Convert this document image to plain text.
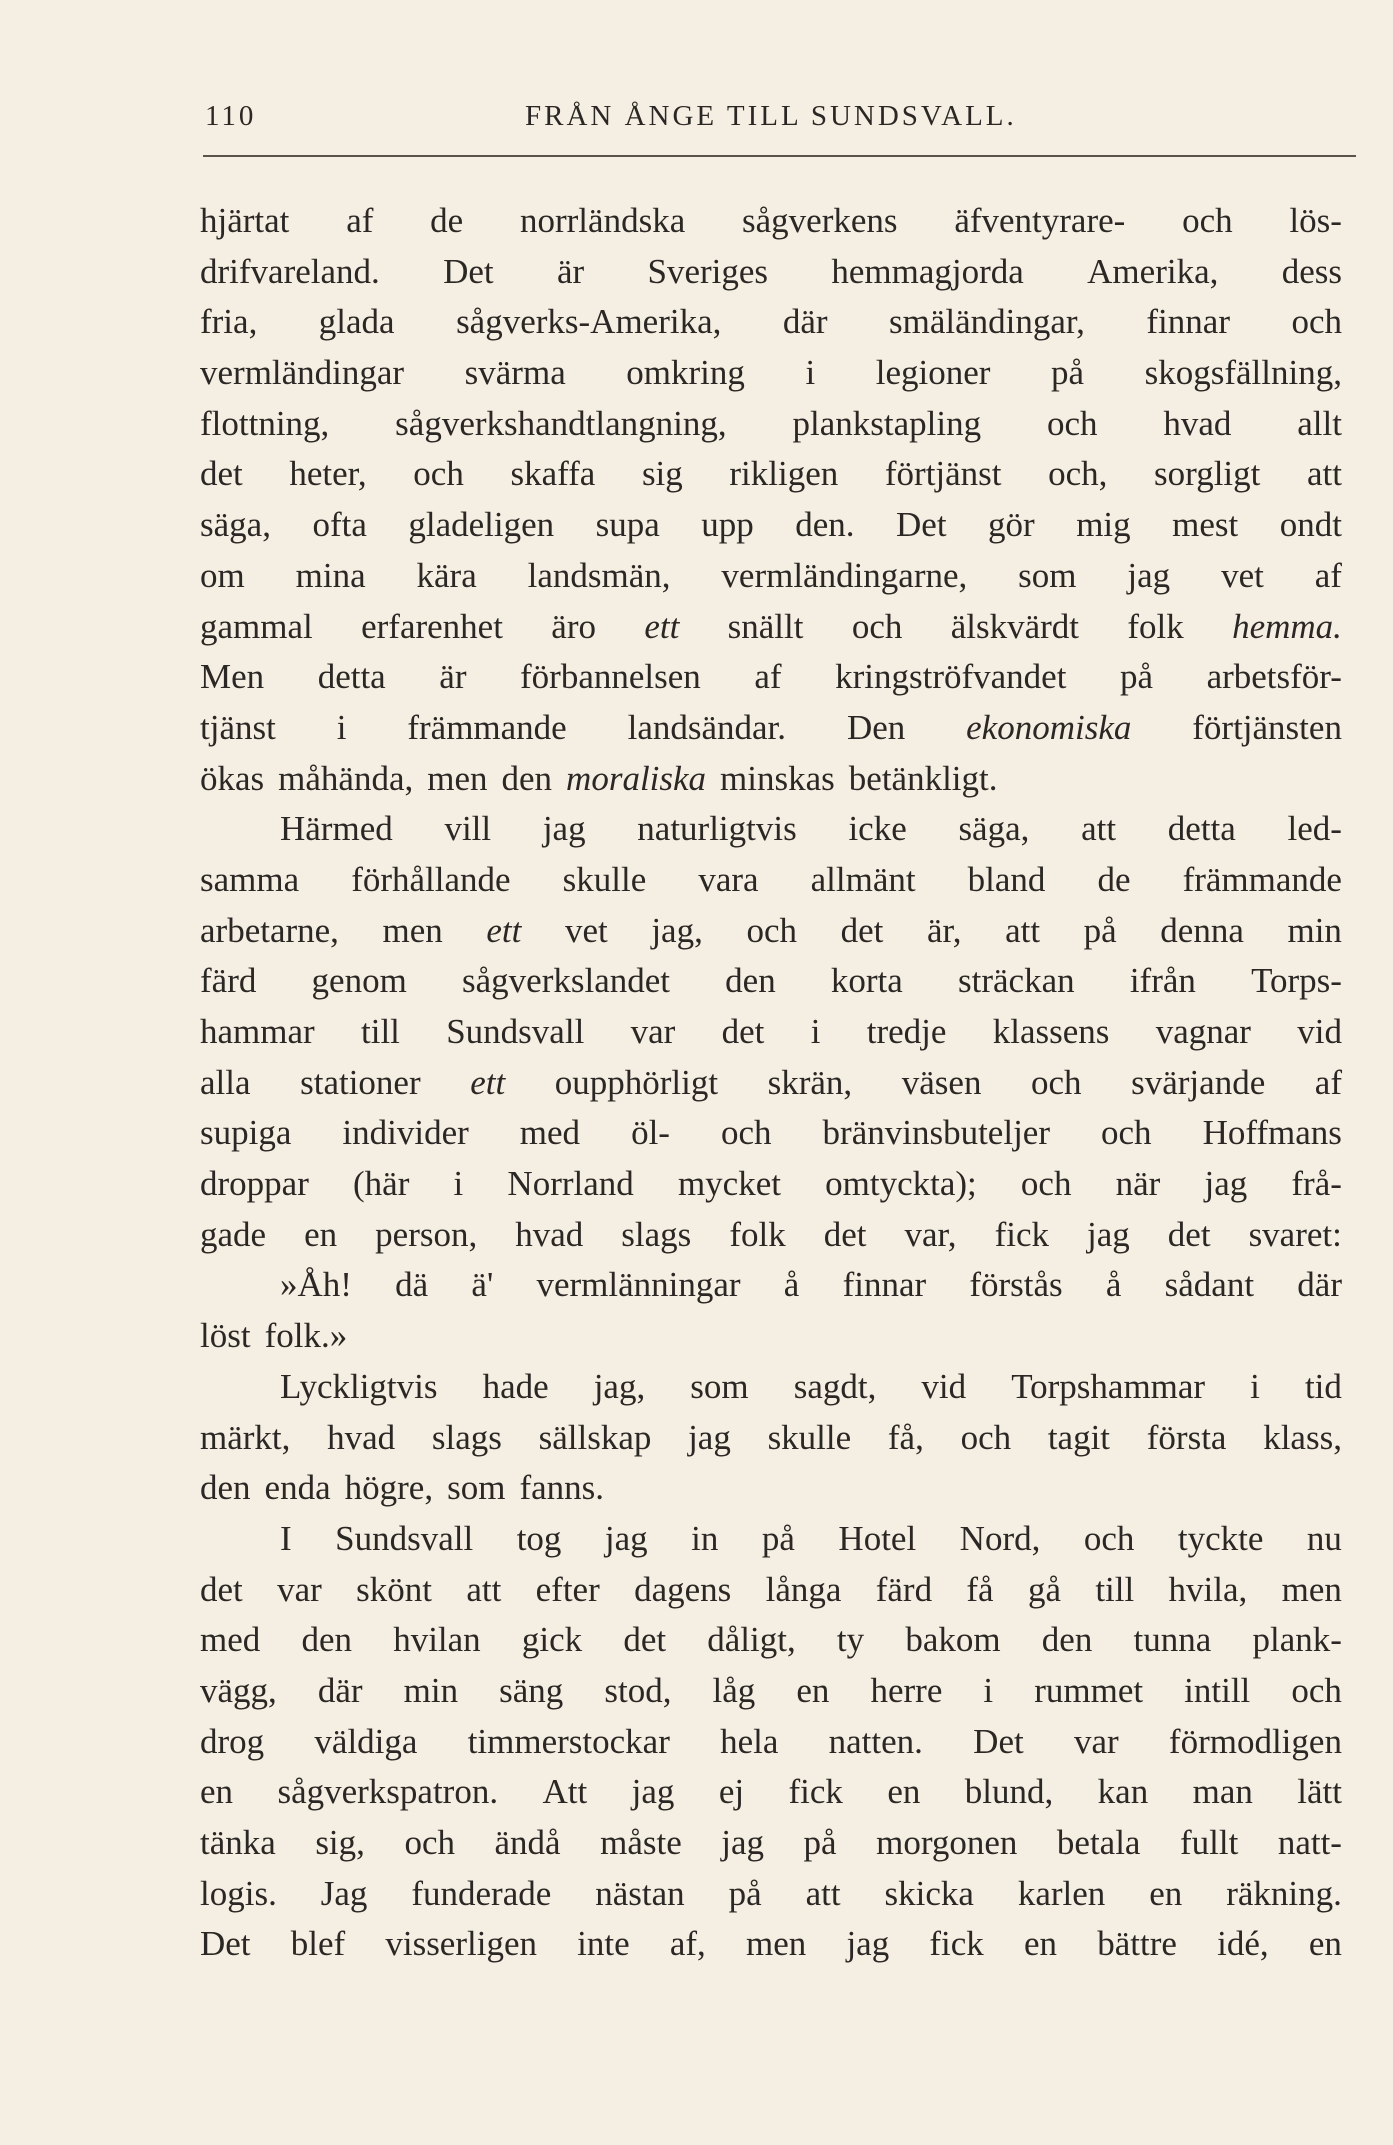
110	FRÅN ÅNGE TILL SUNDSVALL.
hjärtat af de norrländska sågverkens äfventyrare- och lös-
drifvareland. Det är Sveriges hemmagjorda Amerika, dess
fria, glada sågverks-Amerika, där smäländingar, finnar och
vermländingar svärma omkring i legioner på skogsfällning,
flottning, sågverkshandtlangning, plankstapling och hvad allt
det heter, och skaffa sig rikligen förtjänst och, sorgligt att
säga, ofta gladeligen supa upp den. Det gör mig mest ondt
om mina kära landsmän, vermländingarne, som jag vet af
gammal erfarenhet äro ett snällt och älskvärdt folk hemma.
Men detta är förbannelsen af kringströfvandet på arbetsför-
tjänst i främmande landsändar. Den ekonomiska förtjänsten
ökas måhända, men den moraliska minskas betänkligt.
Härmed vill jag naturligtvis icke säga, att detta led-
samma förhållande skulle vara allmänt bland de främmande
arbetarne, men ett vet jag, och det är, att på denna min
färd genom sågverkslandet den korta sträckan ifrån Torps-
hammar till Sundsvall var det i tredje klassens vagnar vid
alla stationer ett oupphörligt skrän, väsen och svärjande af
supiga individer med öl- och bränvinsbuteljer och Hoffmans
droppar (här i Norrland mycket omtyckta); och när jag frå-
gade en person, hvad slags folk det var, fick jag det svaret:
»Åh! dä ä' vermlänningar å finnar förstås å sådant där
löst folk.»
Lyckligtvis hade jag, som sagdt, vid Torpshammar i tid
märkt, hvad slags sällskap jag skulle få, och tagit första klass,
den enda högre, som fanns.
I Sundsvall tog jag in på Hotel Nord, och tyckte nu
det var skönt att efter dagens långa färd få gå till hvila, men
med den hvilan gick det dåligt, ty bakom den tunna plank-
vägg, där min säng stod, låg en herre i rummet intill och
drog väldiga timmerstockar hela natten. Det var förmodligen
en sågverkspatron. Att jag ej fick en blund, kan man lätt
tänka sig, och ändå måste jag på morgonen betala fullt natt-
logis. Jag funderade nästan på att skicka karlen en räkning.
Det blef visserligen inte af, men jag fick en bättre idé, en
